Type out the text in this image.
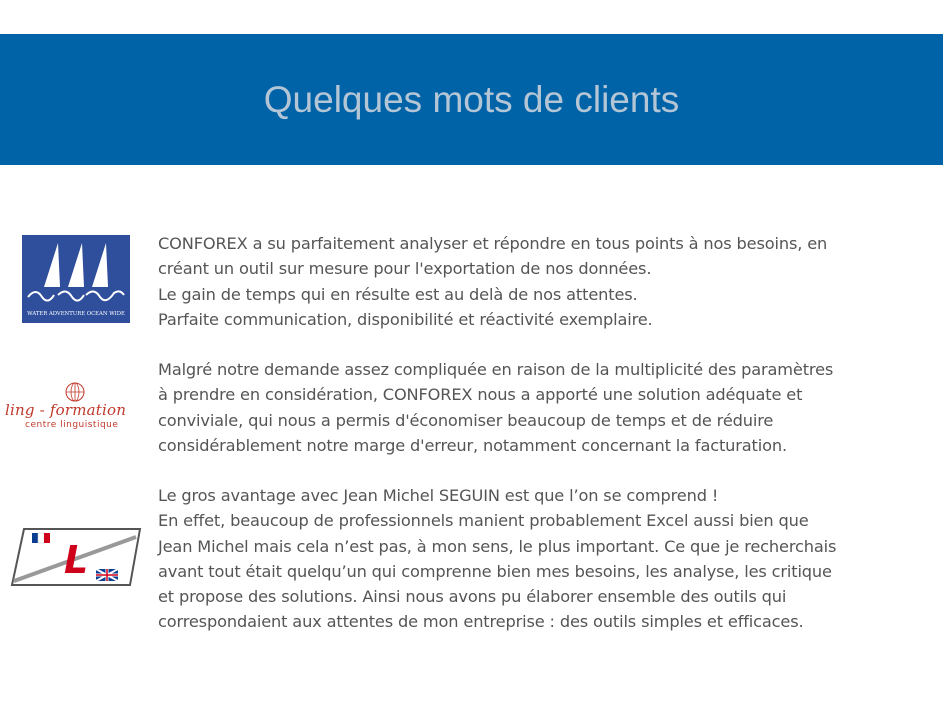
Quelques mots de clients
WATER ADVENTURE OCEAN WIDE
ling - formation
centre linguistique
L

CONFOREX a su parfaitement analyser et répondre en tous points à nos besoins, en
créant un outil sur mesure pour l'exportation de nos données.
Le gain de temps qui en résulte est au delà de nos attentes.
Parfaite communication, disponibilité et réactivité exemplaire.

Malgré notre demande assez compliquée en raison de la multiplicité des paramètres
à prendre en considération, CONFOREX nous a apporté une solution adéquate et
conviviale, qui nous a permis d'économiser beaucoup de temps et de réduire
considérablement notre marge d'erreur, notamment concernant la facturation.

Le gros avantage avec Jean Michel SEGUIN est que l’on se comprend !
En effet, beaucoup de professionnels manient probablement Excel aussi bien que
Jean Michel mais cela n’est pas, à mon sens, le plus important. Ce que je recherchais
avant tout était quelqu’un qui comprenne bien mes besoins, les analyse, les critique
et propose des solutions. Ainsi nous avons pu élaborer ensemble des outils qui
correspondaient aux attentes de mon entreprise : des outils simples et efficaces.
